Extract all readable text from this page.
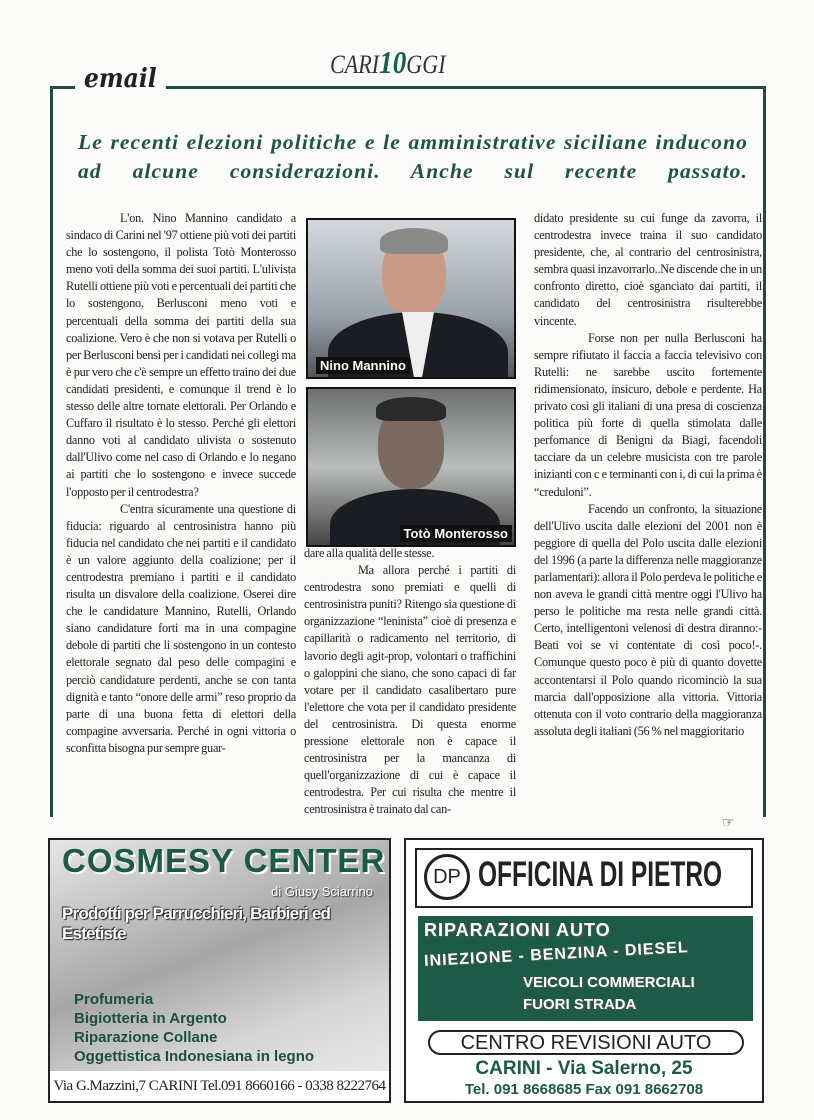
CARI10GGI
email
Le recenti elezioni politiche e le amministrative siciliane inducono ad alcune considerazioni. Anche sul recente passato.

L'on. Nino Mannino candidato a sindaco di Carini nel '97 ottiene più voti dei partiti che lo sostengono, il polista Totò Monterosso meno voti della somma dei suoi partiti. L'ulivista Rutelli ottiene più voti e percentuali dei partiti che lo sostengono, Berlusconi meno voti e percentuali della somma dei partiti della sua coalizione. Vero è che non si votava per Rutelli o per Berlusconi bensì per i candidati nei collegi ma è pur vero che c'è sempre un effetto traino dei due candidati presidenti, e comunque il trend è lo stesso delle altre tornate elettorali. Per Orlando e Cuffaro il risultato è lo stesso. Perché gli elettori danno voti al candidato ulivista o sostenuto dall'Ulivo come nel caso di Orlando e lo negano ai partiti che lo sostengono e invece succede l'opposto per il centrodestra?

C'entra sicuramente una questione di fiducia: riguardo al centrosinistra hanno più fiducia nel candidato che nei partiti e il candidato è un valore aggiunto della coalizione; per il centrodestra premiano i partiti e il candidato risulta un disvalore della coalizione. Oserei dire che le candidature Mannino, Rutelli, Orlando siano candidature forti ma in una compagine debole di partiti che li sostengono in un contesto elettorale segnato dal peso delle compagini e perciò candidature perdenti, anche se con tanta dignità e tanto “onore delle armi” reso proprio da parte di una buona fetta di elettori della compagine avversaria. Perché in ogni vittoria o sconfitta bisogna pur sempre guar-

Nino Mannino
Totò Monterosso

dare alla qualità delle stesse.

Ma allora perché i partiti di centrodestra sono premiati e quelli di centrosinistra puniti? Ritengo sia questione di organizzazione “leninista” cioè di presenza e capillarità o radicamento nel territorio, di lavorio degli agit-prop, volontari o traffichini o galoppini che siano, che sono capaci di far votare per il candidato casalibertaro pure l'elettore che vota per il candidato presidente del centrosinistra. Di questa enorme pressione elettorale non è capace il centrosinistra per la mancanza di quell'organizzazione di cui è capace il centrodestra. Per cui risulta che mentre il centrosinistra è trainato dal can-

didato presidente su cui funge da zavorra, il centrodestra invece traina il suo candidato presidente, che, al contrario del centrosinistra, sembra quasi inzavorrarlo..Ne discende che in un confronto diretto, cioè sganciato dai partiti, il candidato del centrosinistra risulterebbe vincente.

Forse non per nulla Berlusconi ha sempre rifiutato il faccia a faccia televisivo con Rutelli: ne sarebbe uscito fortemente ridimensionato, insicuro, debole e perdente. Ha privato così gli italiani di una presa di coscienza politica più forte di quella stimolata dalle perfomance di Benigni da Biagi, facendoli tacciare da un celebre musicista con tre parole inizianti con c e terminanti con i, di cui la prima è “creduloni”.

Facendo un confronto, la situazione dell'Ulivo uscita dalle elezioni del 2001 non è peggiore di quella del Polo uscita dalle elezioni del 1996 (a parte la differenza nelle maggioranze parlamentari): allora il Polo perdeva le politiche e non aveva le grandi città mentre oggi l'Ulivo ha perso le politiche ma resta nelle grandi città. Certo, intelligentoni velenosi di destra diranno:- Beati voi se vi contentate di così poco!-. Comunque questo poco è più di quanto dovette accontentarsi il Polo quando ricominciò la sua marcia dall'opposizione alla vittoria. Vittoria ottenuta con il voto contrario della maggioranza assoluta degli italiani (56 % nel maggioritario

☞
COSMESY CENTER
di Giusy Sciarrino
Prodotti per Parrucchieri, Barbieri ed Estetiste
Profumeria
Bigiotteria in Argento
Riparazione Collane
Oggettistica Indonesiana in legno
Via G.Mazzini,7 CARINI Tel.091 8660166 - 0338 8222764
DP OFFICINA DI PIETRO
RIPARAZIONI AUTO
INIEZIONE - BENZINA - DIESEL
VEICOLI COMMERCIALI
FUORI STRADA
CENTRO REVISIONI AUTO
CARINI - Via Salerno, 25
Tel. 091 8668685 Fax 091 8662708
